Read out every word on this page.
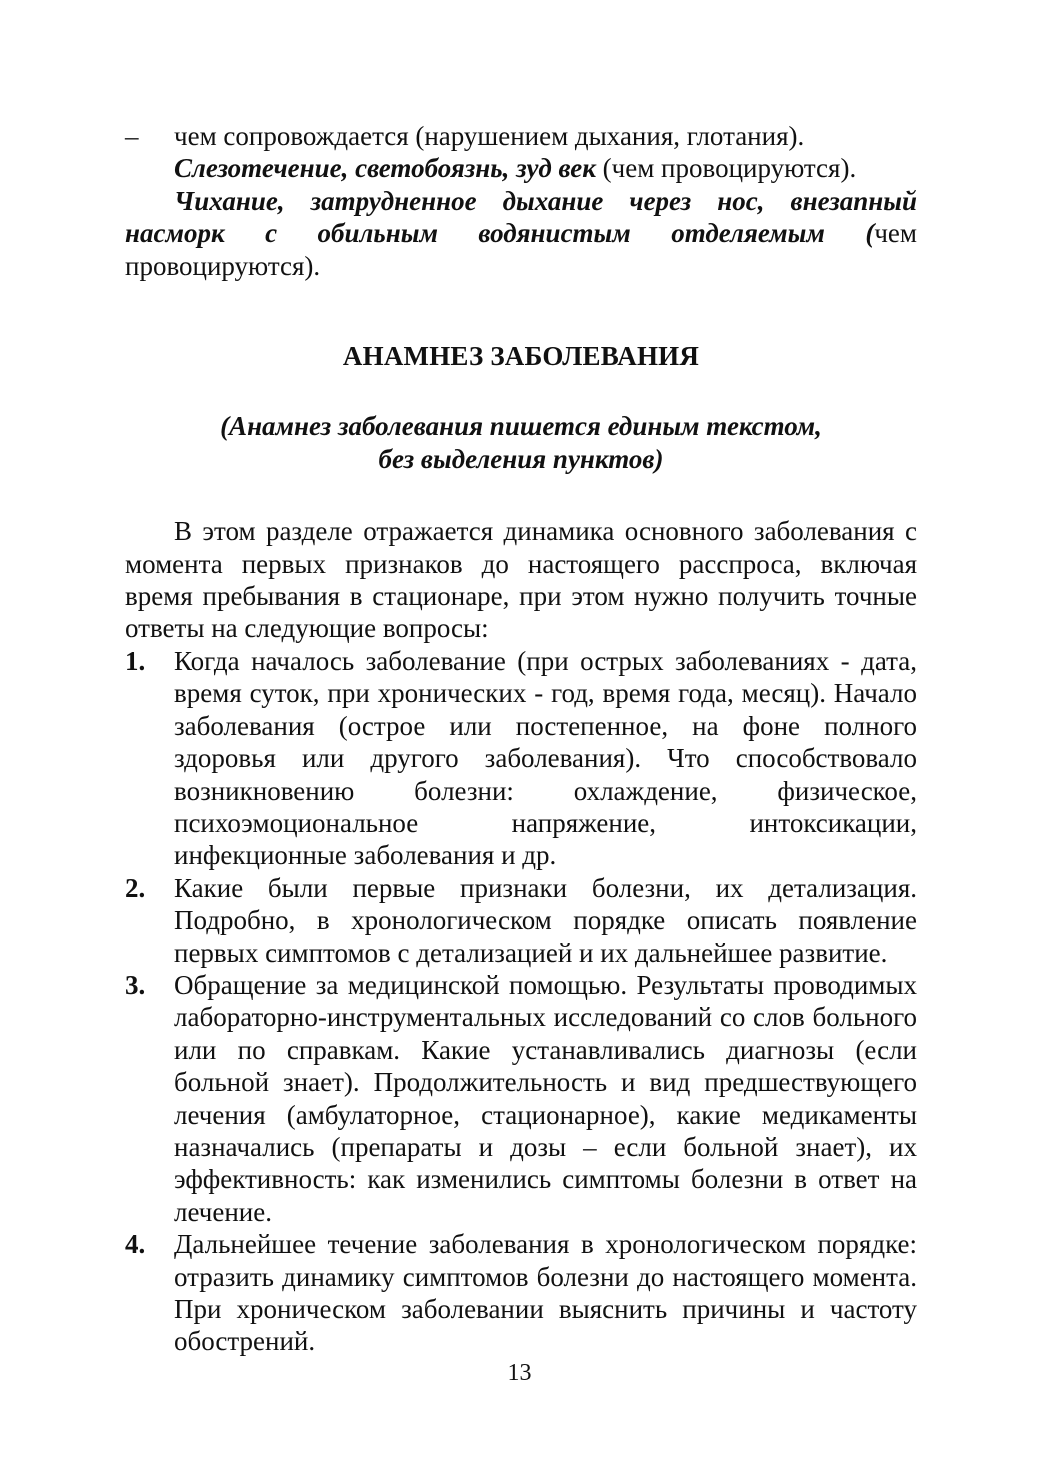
–	чем сопровождается (нарушением дыхания, глотания).
Слезотечение, светобоязнь, зуд век (чем провоцируются).
Чихание, затрудненное дыхание через нос, внезапный насморк с обильным водянистым отделяемым (чем провоцируются).
АНАМНЕЗ ЗАБОЛЕВАНИЯ
(Анамнез заболевания пишется единым текстом,
без выделения пунктов)
В этом разделе отражается динамика основного заболевания с момента первых признаков до настоящего расспроса, включая время пребывания в стационаре, при этом нужно получить точные ответы на следующие вопросы:
1.	Когда началось заболевание (при острых заболеваниях - дата, время суток, при хронических - год, время года, месяц). Начало заболевания (острое или постепенное, на фоне полного здоровья или другого заболевания). Что способствовало возникновению болезни: охлаждение, физическое, психоэмоциональное напряжение, интоксикации, инфекционные заболевания и др.
2.	Какие были первые признаки болезни, их детализация. Подробно, в хронологическом порядке описать появление первых симптомов с детализацией и их дальнейшее развитие.
3.	Обращение за медицинской помощью. Результаты проводимых лабораторно-инструментальных исследований со слов больного или по справкам. Какие устанавливались диагнозы (если больной знает). Продолжительность и вид предшествующего лечения (амбулаторное, стационарное), какие медикаменты назначались (препараты и дозы – если больной знает), их эффективность: как изменились симптомы болезни в ответ на лечение.
4.	Дальнейшее течение заболевания в хронологическом порядке: отразить динамику симптомов болезни до настоящего момента. При хроническом заболевании выяснить причины и частоту обострений.
13
